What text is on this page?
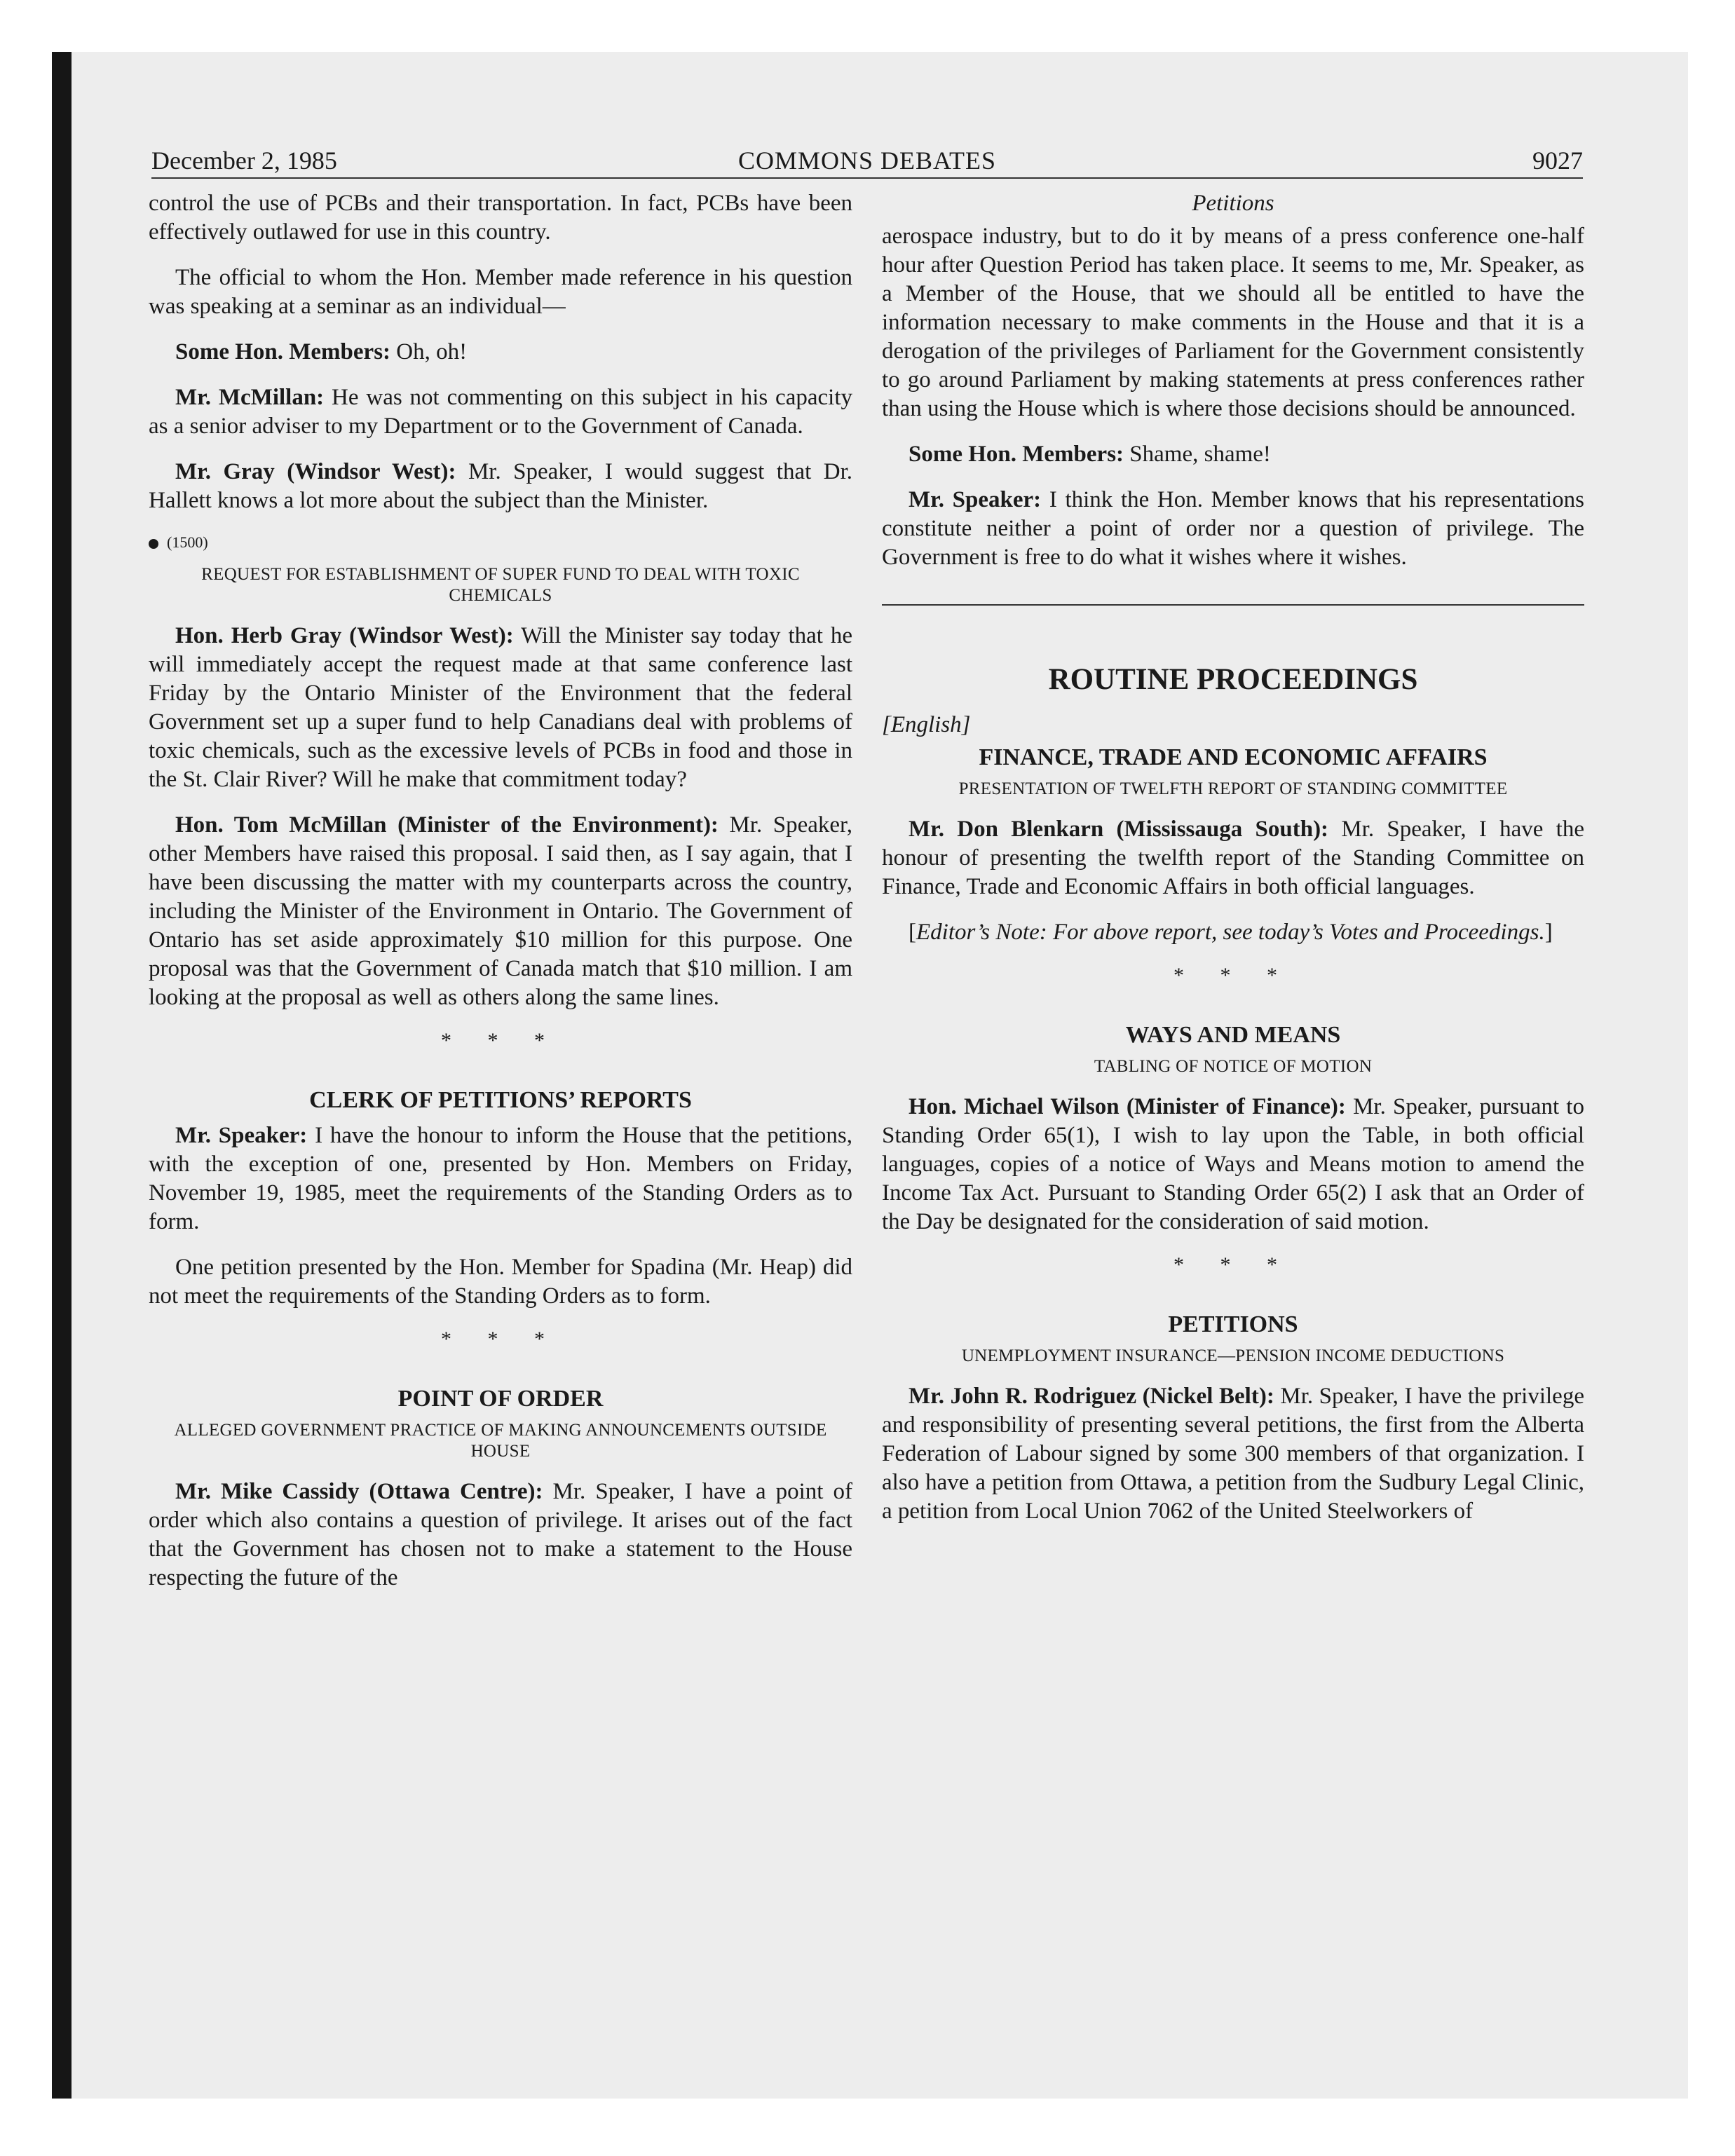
December 2, 1985	COMMONS DEBATES	9027

control the use of PCBs and their transportation. In fact, PCBs have been effectively outlawed for use in this country.

The official to whom the Hon. Member made reference in his question was speaking at a seminar as an individual—

Some Hon. Members: Oh, oh!

Mr. McMillan: He was not commenting on this subject in his capacity as a senior adviser to my Department or to the Government of Canada.

Mr. Gray (Windsor West): Mr. Speaker, I would suggest that Dr. Hallett knows a lot more about the subject than the Minister.

(1500)
REQUEST FOR ESTABLISHMENT OF SUPER FUND TO DEAL WITH TOXIC CHEMICALS

Hon. Herb Gray (Windsor West): Will the Minister say today that he will immediately accept the request made at that same conference last Friday by the Ontario Minister of the Environment that the federal Government set up a super fund to help Canadians deal with problems of toxic chemicals, such as the excessive levels of PCBs in food and those in the St. Clair River? Will he make that commitment today?

Hon. Tom McMillan (Minister of the Environment): Mr. Speaker, other Members have raised this proposal. I said then, as I say again, that I have been discussing the matter with my counterparts across the country, including the Minister of the Environment in Ontario. The Government of Ontario has set aside approximately $10 million for this purpose. One proposal was that the Government of Canada match that $10 million. I am looking at the proposal as well as others along the same lines.

* * *
CLERK OF PETITIONS’ REPORTS

Mr. Speaker: I have the honour to inform the House that the petitions, with the exception of one, presented by Hon. Members on Friday, November 19, 1985, meet the requirements of the Standing Orders as to form.

One petition presented by the Hon. Member for Spadina (Mr. Heap) did not meet the requirements of the Standing Orders as to form.

* * *
POINT OF ORDER
ALLEGED GOVERNMENT PRACTICE OF MAKING ANNOUNCEMENTS OUTSIDE HOUSE

Mr. Mike Cassidy (Ottawa Centre): Mr. Speaker, I have a point of order which also contains a question of privilege. It arises out of the fact that the Government has chosen not to make a statement to the House respecting the future of the

Petitions

aerospace industry, but to do it by means of a press conference one-half hour after Question Period has taken place. It seems to me, Mr. Speaker, as a Member of the House, that we should all be entitled to have the information necessary to make comments in the House and that it is a derogation of the privileges of Parliament for the Government consistently to go around Parliament by making statements at press conferences rather than using the House which is where those decisions should be announced.

Some Hon. Members: Shame, shame!

Mr. Speaker: I think the Hon. Member knows that his representations constitute neither a point of order nor a question of privilege. The Government is free to do what it wishes where it wishes.

ROUTINE PROCEEDINGS
[English]
FINANCE, TRADE AND ECONOMIC AFFAIRS
PRESENTATION OF TWELFTH REPORT OF STANDING COMMITTEE

Mr. Don Blenkarn (Mississauga South): Mr. Speaker, I have the honour of presenting the twelfth report of the Standing Committee on Finance, Trade and Economic Affairs in both official languages.

[Editor’s Note: For above report, see today’s Votes and Proceedings.]

* * *
WAYS AND MEANS
TABLING OF NOTICE OF MOTION

Hon. Michael Wilson (Minister of Finance): Mr. Speaker, pursuant to Standing Order 65(1), I wish to lay upon the Table, in both official languages, copies of a notice of Ways and Means motion to amend the Income Tax Act. Pursuant to Standing Order 65(2) I ask that an Order of the Day be designated for the consideration of said motion.

* * *
PETITIONS
UNEMPLOYMENT INSURANCE—PENSION INCOME DEDUCTIONS

Mr. John R. Rodriguez (Nickel Belt): Mr. Speaker, I have the privilege and responsibility of presenting several petitions, the first from the Alberta Federation of Labour signed by some 300 members of that organization. I also have a petition from Ottawa, a petition from the Sudbury Legal Clinic, a petition from Local Union 7062 of the United Steelworkers of
